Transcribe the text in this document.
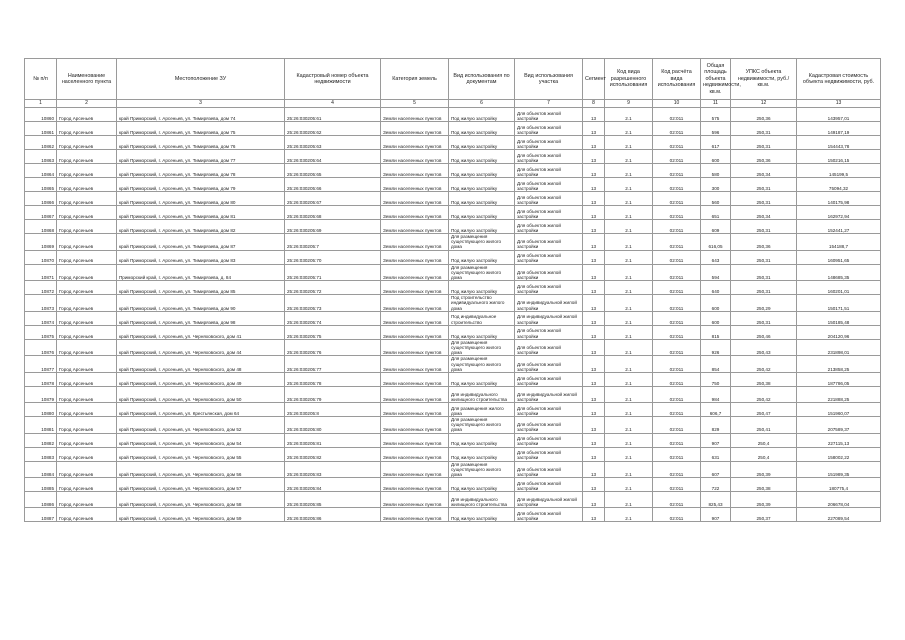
№ п/п	Наименование населенного пункта	Местоположение ЗУ	Кадастровый номер объекта недвижимости	Категория земель	Вид использования по документам	Вид использования участка	Сегмент	Код вида разрешенного использования	Код расчёта вида использования	Общая площадь объекта недвижимости, кв.м.	УПКС объекта недвижимости, руб./кв.м.	Кадастровая стоимость объекта недвижимости, руб.
1	2	3	4	5	6	7	8	9	10	11	12	13
10860	Город Арсеньев	край Приморский, г. Арсеньев, ул. Тимирязева, дом 74	25:26:030205:61	Земли населенных пунктов	Под жилую застройку	Для объектов жилой застройки	13	2.1	02:011	575	250,36	143957,01
10861	Город Арсеньев	край Приморский, г. Арсеньев, ул. Тимирязева, дом 75	25:26:030205:62	Земли населенных пунктов	Под жилую застройку	Для объектов жилой застройки	13	2.1	02:011	596	250,31	149187,19
10862	Город Арсеньев	край Приморский, г. Арсеньев, ул. Тимирязева, дом 76	25:26:030205:63	Земли населенных пунктов	Под жилую застройку	Для объектов жилой застройки	13	2.1	02:011	617	250,31	154443,78
10863	Город Арсеньев	край Приморский, г. Арсеньев, ул. Тимирязева, дом 77	25:26:030205:64	Земли населенных пунктов	Под жилую застройку	Для объектов жилой застройки	13	2.1	02:011	600	250,36	150216,15
10864	Город Арсеньев	край Приморский, г. Арсеньев, ул. Тимирязева, дом 78	25:26:030205:65	Земли населенных пунктов	Под жилую застройку	Для объектов жилой застройки	13	2.1	02:011	580	250,34	145199,5
10865	Город Арсеньев	край Приморский, г. Арсеньев, ул. Тимирязева, дом 79	25:26:030205:66	Земли населенных пунктов	Под жилую застройку	Для объектов жилой застройки	13	2.1	02:011	300	250,31	75094,32
10866	Город Арсеньев	край Приморский, г. Арсеньев, ул. Тимирязева, дом 80	25:26:030205:67	Земли населенных пунктов	Под жилую застройку	Для объектов жилой застройки	13	2.1	02:011	560	250,31	140175,98
10867	Город Арсеньев	край Приморский, г. Арсеньев, ул. Тимирязева, дом 81	25:26:030205:68	Земли населенных пунктов	Под жилую застройку	Для объектов жилой застройки	13	2.1	02:011	651	250,34	162972,94
10868	Город Арсеньев	край Приморский, г. Арсеньев, ул. Тимирязева, дом 82	25:26:030205:69	Земли населенных пунктов	Под жилую застройку	Для объектов жилой застройки	13	2.1	02:011	609	250,31	152441,27
10869	Город Арсеньев	край Приморский, г. Арсеньев, ул. Тимирязева, дом 87	25:26:030205:7	Земли населенных пунктов	Для размещения существующего жилого дома	Для объектов жилой застройки	13	2.1	02:011	616,05	250,36	154188,7
10870	Город Арсеньев	край Приморский, г. Арсеньев, ул. Тимирязева, дом 83	25:26:030205:70	Земли населенных пунктов	Под жилую застройку	Для объектов жилой застройки	13	2.1	02:011	643	250,31	160951,65
10871	Город Арсеньев	Приморский край, г. Арсеньев, ул. Тимирязева, д. 84	25:26:030205:71	Земли населенных пунктов	Для размещения существующего жилого дома	Для объектов жилой застройки	13	2.1	02:011	594	250,31	148685,35
10872	Город Арсеньев	край Приморский, г. Арсеньев, ул. Тимирязева, дом 85	25:26:030205:72	Земли населенных пунктов	Под жилую застройку	Для объектов жилой застройки	13	2.1	02:011	640	250,31	160201,01
10873	Город Арсеньев	край Приморский, г. Арсеньев, ул. Тимирязева, дом 90	25:26:030205:73	Земли населенных пунктов	Под строительство индивидуального жилого дома	Для индивидуальной жилой застройки	13	2.1	02:011	600	250,29	150171,51
10874	Город Арсеньев	край Приморский, г. Арсеньев, ул. Тимирязева, дом 98	25:26:030205:74	Земли населенных пунктов	Под индивидуальное строительство	Для индивидуальной жилой застройки	13	2.1	02:011	600	250,31	150185,48
10875	Город Арсеньев	край Приморский, г. Арсеньев, ул. Черняховского, дом 41	25:26:030205:75	Земли населенных пунктов	Под жилую застройку	Для объектов жилой застройки	13	2.1	02:011	815	250,46	204120,96
10876	Город Арсеньев	край Приморский, г. Арсеньев, ул. Черняховского, дом 44	25:26:030205:76	Земли населенных пунктов	Для размещения существующего жилого дома	Для объектов жилой застройки	13	2.1	02:011	926	250,43	231898,01
10877	Город Арсеньев	край Приморский, г. Арсеньев, ул. Черняховского, дом 48	25:26:030205:77	Земли населенных пунктов	Для размещения существующего жилого дома	Для объектов жилой застройки	13	2.1	02:011	854	250,42	213858,25
10878	Город Арсеньев	край Приморский, г. Арсеньев, ул. Черняховского, дом 49	25:26:030205:78	Земли населенных пунктов	Под жилую застройку	Для объектов жилой застройки	13	2.1	02:011	750	250,38	187786,05
10879	Город Арсеньев	край Приморский, г. Арсеньев, ул. Черняховского, дом 50	25:26:030205:79	Земли населенных пунктов	Для индивидуального жилищного строительства	Для индивидуальной жилой застройки	13	2.1	02:011	984	250,42	221888,25
10880	Город Арсеньев	край Приморский, г. Арсеньев, ул. Крестьянская, дом 64	25:26:030205:8	Земли населенных пунктов	Для размещения жилого дома	Для объектов жилой застройки	13	2.1	02:011	606,7	250,47	151960,07
10881	Город Арсеньев	край Приморский, г. Арсеньев, ул. Черняховского, дом 52	25:26:030205:80	Земли населенных пунктов	Для размещения существующего жилого дома	Для объектов жилой застройки	13	2.1	02:011	829	250,41	207589,37
10882	Город Арсеньев	край Приморский, г. Арсеньев, ул. Черняховского, дом 54	25:26:030205:81	Земли населенных пунктов	Под жилую застройку	Для объектов жилой застройки	13	2.1	02:011	907	250,4	227115,13
10883	Город Арсеньев	край Приморский, г. Арсеньев, ул. Черняховского, дом 55	25:26:030205:82	Земли населенных пунктов	Под жилую застройку	Для объектов жилой застройки	13	2.1	02:011	631	250,4	158002,22
10884	Город Арсеньев	край Приморский, г. Арсеньев, ул. Черняховского, дом 56	25:26:030205:83	Земли населенных пунктов	Для размещения существующего жилого дома	Для объектов жилой застройки	13	2.1	02:011	607	250,39	151989,35
10885	Город Арсеньев	край Приморский, г. Арсеньев, ул. Черняховского, дом 57	25:26:030205:84	Земли населенных пунктов	Под жилую застройку	Для объектов жилой застройки	13	2.1	02:011	722	250,38	180775,4
10886	Город Арсеньев	край Приморский, г. Арсеньев, ул. Черняховского, дом 58	25:26:030205:85	Земли населенных пунктов	Для индивидуального жилищного строительства	Для индивидуальной жилой застройки	13	2.1	02:011	825,43	250,39	206678,04
10887	Город Арсеньев	край Приморский, г. Арсеньев, ул. Черняховского, дом 59	25:26:030205:86	Земли населенных пунктов	Под жилую застройку	Для объектов жилой застройки	13	2.1	02:011	907	250,37	227089,54
